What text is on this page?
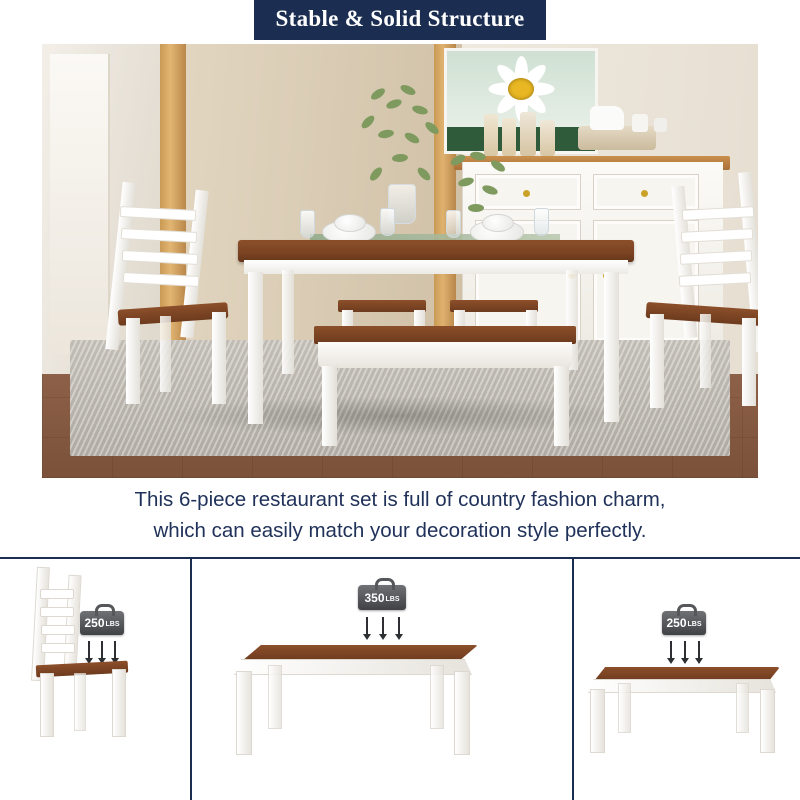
Stable & Solid Structure
This 6-piece restaurant set is full of country fashion charm,
which can easily match your decoration style perfectly.
250 LBS
350 LBS
250 LBS
